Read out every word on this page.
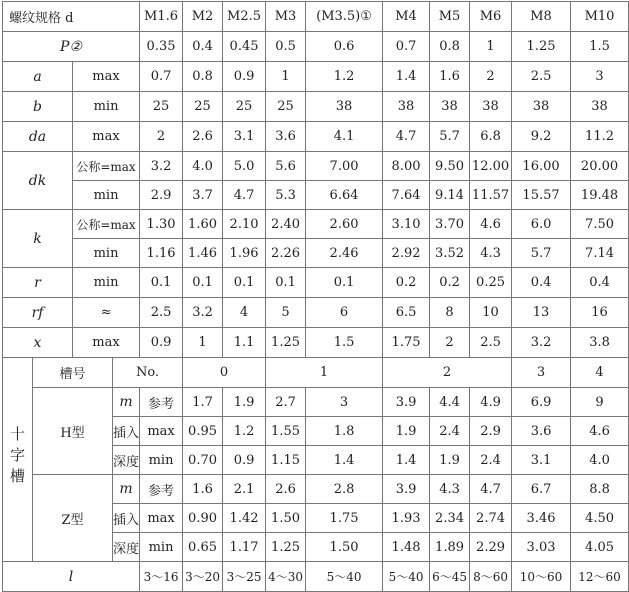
螺纹规格 d				M1.6	M2	M2.5	M3	(M3.5)①	M4	M5	M6	M8	M10	
P②				0.35	0.4	0.45	0.5	0.6	0.7	0.8	1	1.25	1.5	
a		max		0.7	0.8	0.9	1	1.2	1.4	1.6	2	2.5	3	
b		min		25	25	25	25	38	38	38	38	38	38	
da		max		2	2.6	3.1	3.6	4.1	4.7	5.7	6.8	9.2	11.2	
dk		公称=max		3.2	4.0	5.0	5.6	7.00	8.00	9.50	12.00	16.00	20.00	
		min		2.9	3.7	4.7	5.3	6.64	7.64	9.14	11.57	15.57	19.48	
k		公称=max		1.30	1.60	2.10	2.40	2.60	3.10	3.70	4.6	6.0	7.50	
		min		1.16	1.46	1.96	2.26	2.46	2.92	3.52	4.3	5.7	7.14	
r		min		0.1	0.1	0.1	0.1	0.1	0.2	0.2	0.25	0.4	0.4	
rf		≈		2.5	3.2	4	5	6	6.5	8	10	13	16	
x		max		0.9	1	1.1	1.25	1.5	1.75	2	2.5	3.2	3.8	
十字槽	槽号		No.		0		1		2			3	4	
	H型		m	参考	1.7	1.9	2.7	3	3.9	4.4	4.9	6.9	9	
			插入	max	0.95	1.2	1.55	1.8	1.9	2.4	2.9	3.6	4.6	
			深度	min	0.70	0.9	1.15	1.4	1.4	1.9	2.4	3.1	4.0	
	Z型		m	参考	1.6	2.1	2.6	2.8	3.9	4.3	4.7	6.7	8.8	
			插入	max	0.90	1.42	1.50	1.75	1.93	2.34	2.74	3.46	4.50	
			深度	min	0.65	1.17	1.25	1.50	1.48	1.89	2.29	3.03	4.05	
l				3～16	3～20	3～25	4～30	5～40	5～40	6～45	8～60	10～60	12～60	
